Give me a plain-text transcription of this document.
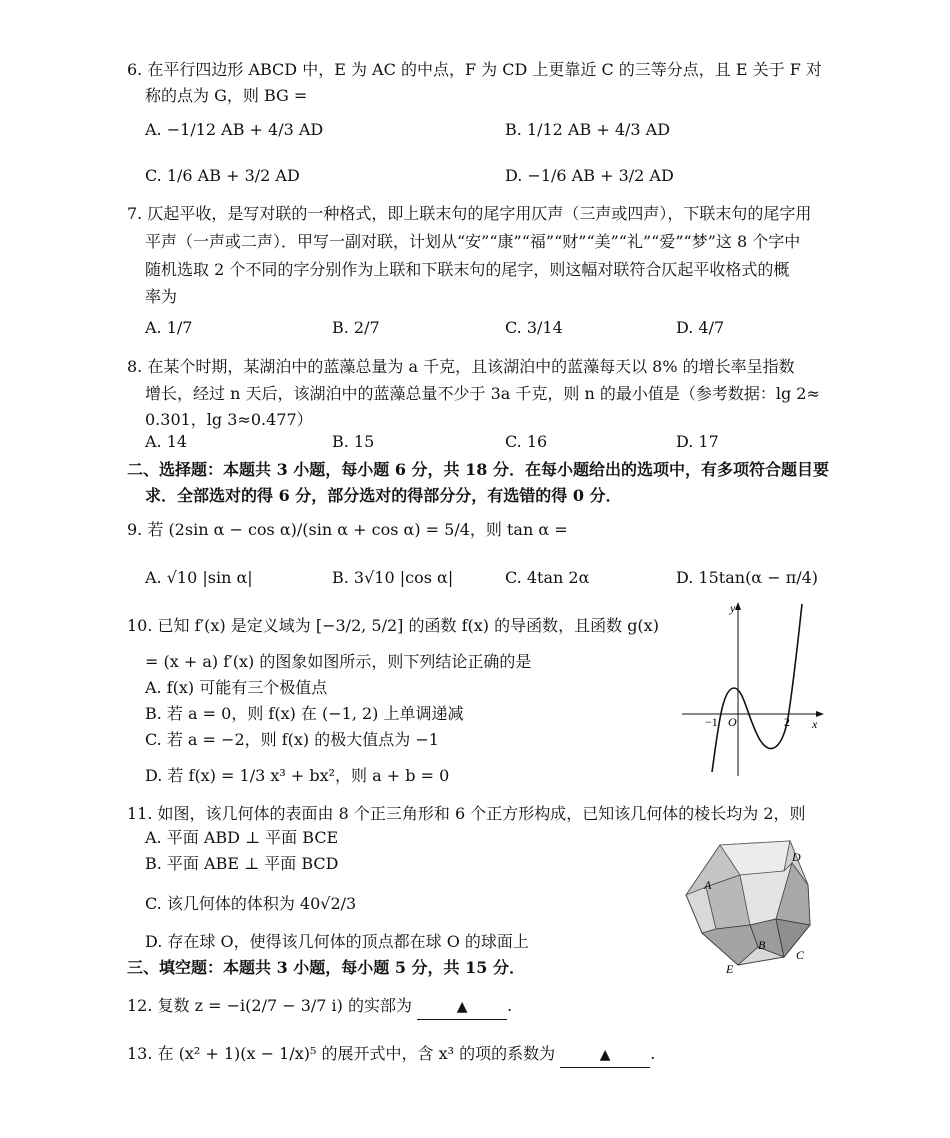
6. 在平行四边形 ABCD 中，E 为 AC 的中点，F 为 CD 上更靠近 C 的三等分点，且 E 关于 F 对
称的点为 G，则 BG =
A. −1/12 AB + 4/3 AD	B. 1/12 AB + 4/3 AD
C. 1/6 AB + 3/2 AD	D. −1/6 AB + 3/2 AD
7. 仄起平收，是写对联的一种格式，即上联末句的尾字用仄声（三声或四声），下联末句的尾字用
平声（一声或二声）．甲写一副对联，计划从“安”“康”“福”“财”“美”“礼”“爱”“梦”这 8 个字中
随机选取 2 个不同的字分别作为上联和下联末句的尾字，则这幅对联符合仄起平收格式的概
率为
A. 1/7	B. 2/7	C. 3/14	D. 4/7
8. 在某个时期，某湖泊中的蓝藻总量为 a 千克，且该湖泊中的蓝藻每天以 8% 的增长率呈指数
增长，经过 n 天后，该湖泊中的蓝藻总量不少于 3a 千克，则 n 的最小值是（参考数据：lg 2≈
0.301，lg 3≈0.477）
A. 14	B. 15	C. 16	D. 17
二、选择题：本题共 3 小题，每小题 6 分，共 18 分．在每小题给出的选项中，有多项符合题目要
求．全部选对的得 6 分，部分选对的得部分分，有选错的得 0 分．
9. 若 (2sin α − cos α)/(sin α + cos α) = 5/4，则 tan α =
A. √10 |sin α|	B. 3√10 |cos α|	C. 4tan 2α	D. 15tan(α − π/4)
10. 已知 f′(x) 是定义域为 [−3/2, 5/2] 的函数 f(x) 的导函数，且函数 g(x)
= (x + a) f′(x) 的图象如图所示，则下列结论正确的是
A. f(x) 可能有三个极值点
B. 若 a = 0，则 f(x) 在 (−1, 2) 上单调递减
C. 若 a = −2，则 f(x) 的极大值点为 −1
D. 若 f(x) = 1/3 x³ + bx²，则 a + b = 0
y
x
O
−1	2
11. 如图，该几何体的表面由 8 个正三角形和 6 个正方形构成，已知该几何体的棱长均为 2，则
A. 平面 ABD ⊥ 平面 BCE
B. 平面 ABE ⊥ 平面 BCD
C. 该几何体的体积为 40√2/3
D. 存在球 O，使得该几何体的顶点都在球 O 的球面上
A
D
B
C
E
三、填空题：本题共 3 小题，每小题 5 分，共 15 分．
12. 复数 z = −i(2/7 − 3/7 i) 的实部为	▲ .
13. 在 (x² + 1)(x − 1/x)⁵ 的展开式中，含 x³ 的项的系数为	▲ .
